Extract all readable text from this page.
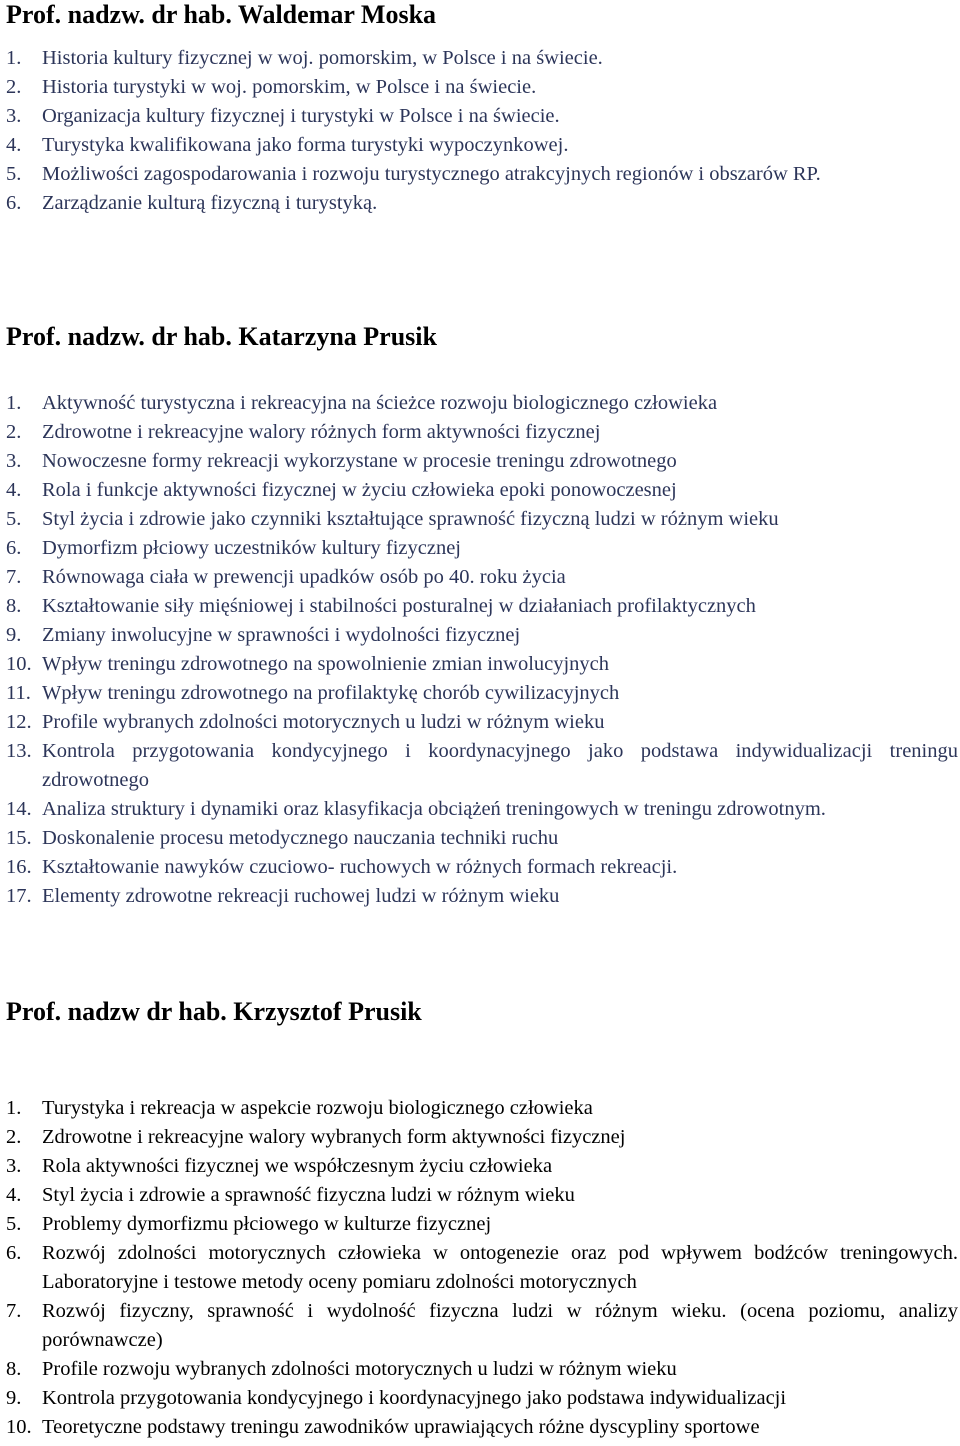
Prof. nadzw. dr hab. Waldemar Moska
1. Historia kultury fizycznej w woj. pomorskim, w Polsce i na świecie.
2. Historia turystyki w woj. pomorskim, w Polsce i na świecie.
3. Organizacja kultury fizycznej i turystyki w Polsce i na świecie.
4. Turystyka kwalifikowana jako forma turystyki wypoczynkowej.
5. Możliwości zagospodarowania i rozwoju turystycznego atrakcyjnych regionów i obszarów RP.
6. Zarządzanie kulturą fizyczną i turystyką.
Prof. nadzw. dr hab. Katarzyna Prusik
1. Aktywność turystyczna i rekreacyjna na ścieżce rozwoju biologicznego człowieka
2. Zdrowotne i rekreacyjne walory różnych form aktywności fizycznej
3. Nowoczesne formy rekreacji wykorzystane w procesie treningu zdrowotnego
4. Rola i funkcje aktywności fizycznej w życiu człowieka epoki ponowoczesnej
5. Styl życia i zdrowie jako czynniki kształtujące sprawność fizyczną ludzi w różnym wieku
6. Dymorfizm płciowy uczestników kultury fizycznej
7. Równowaga ciała w prewencji upadków osób po 40. roku życia
8. Kształtowanie siły mięśniowej i stabilności posturalnej w działaniach profilaktycznych
9. Zmiany inwolucyjne w sprawności i wydolności fizycznej
10. Wpływ treningu zdrowotnego na spowolnienie zmian inwolucyjnych
11. Wpływ treningu zdrowotnego na profilaktykę chorób cywilizacyjnych
12. Profile wybranych zdolności motorycznych u ludzi w różnym wieku
13. Kontrola przygotowania kondycyjnego i koordynacyjnego jako podstawa indywidualizacji treningu zdrowotnego
14. Analiza struktury i dynamiki oraz klasyfikacja obciążeń treningowych w treningu zdrowotnym.
15. Doskonalenie procesu metodycznego nauczania techniki ruchu
16. Kształtowanie nawyków czuciowo- ruchowych w różnych formach rekreacji.
17. Elementy zdrowotne rekreacji ruchowej ludzi w różnym wieku
Prof. nadzw dr hab. Krzysztof Prusik
1. Turystyka i rekreacja w aspekcie rozwoju biologicznego człowieka
2. Zdrowotne i rekreacyjne walory wybranych form aktywności fizycznej
3. Rola aktywności fizycznej we współczesnym życiu człowieka
4. Styl życia i zdrowie a sprawność fizyczna ludzi w różnym wieku
5. Problemy dymorfizmu płciowego w kulturze fizycznej
6. Rozwój zdolności motorycznych człowieka w ontogenezie oraz pod wpływem bodźców treningowych. Laboratoryjne i testowe metody oceny pomiaru zdolności motorycznych
7. Rozwój fizyczny, sprawność i wydolność fizyczna ludzi w różnym wieku. (ocena poziomu, analizy porównawcze)
8. Profile rozwoju wybranych zdolności motorycznych u ludzi w różnym wieku
9. Kontrola przygotowania kondycyjnego i koordynacyjnego jako podstawa indywidualizacji
10. Teoretyczne podstawy treningu zawodników uprawiających różne dyscypliny sportowe
